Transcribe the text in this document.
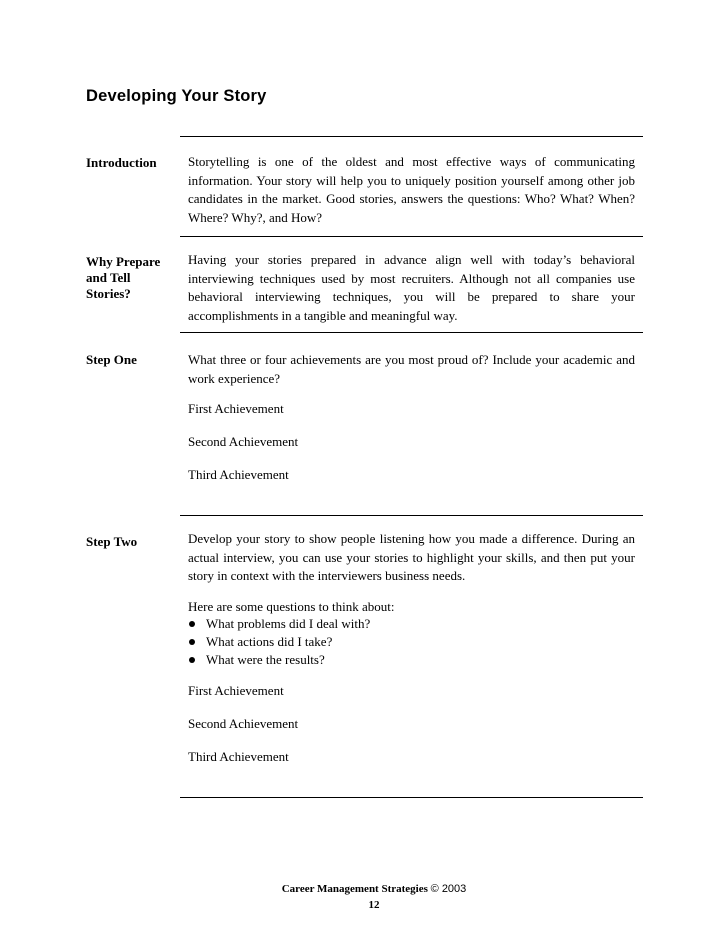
Developing Your Story
Introduction Storytelling is one of the oldest and most effective ways of communicating information. Your story will help you to uniquely position yourself among other job candidates in the market. Good stories, answers the questions: Who? What? When? Where? Why?, and How?

Why Prepare
and Tell
Stories?

Having your stories prepared in advance align well with today’s behavioral interviewing techniques used by most recruiters. Although not all companies use behavioral interviewing techniques, you will be prepared to share your accomplishments in a tangible and meaningful way.

Step One	What three or four achievements are you most proud of? Include your academic and work experience?

First Achievement
Second Achievement
Third Achievement
Step Two	Develop your story to show people listening how you made a difference. During an actual interview, you can use your stories to highlight your skills, and then put your story in context with the interviewers business needs.

Here are some questions to think about:
What problems did I deal with?
What actions did I take?
What were the results?
First Achievement
Second Achievement
Third Achievement
Career Management Strategies © 2003
12
